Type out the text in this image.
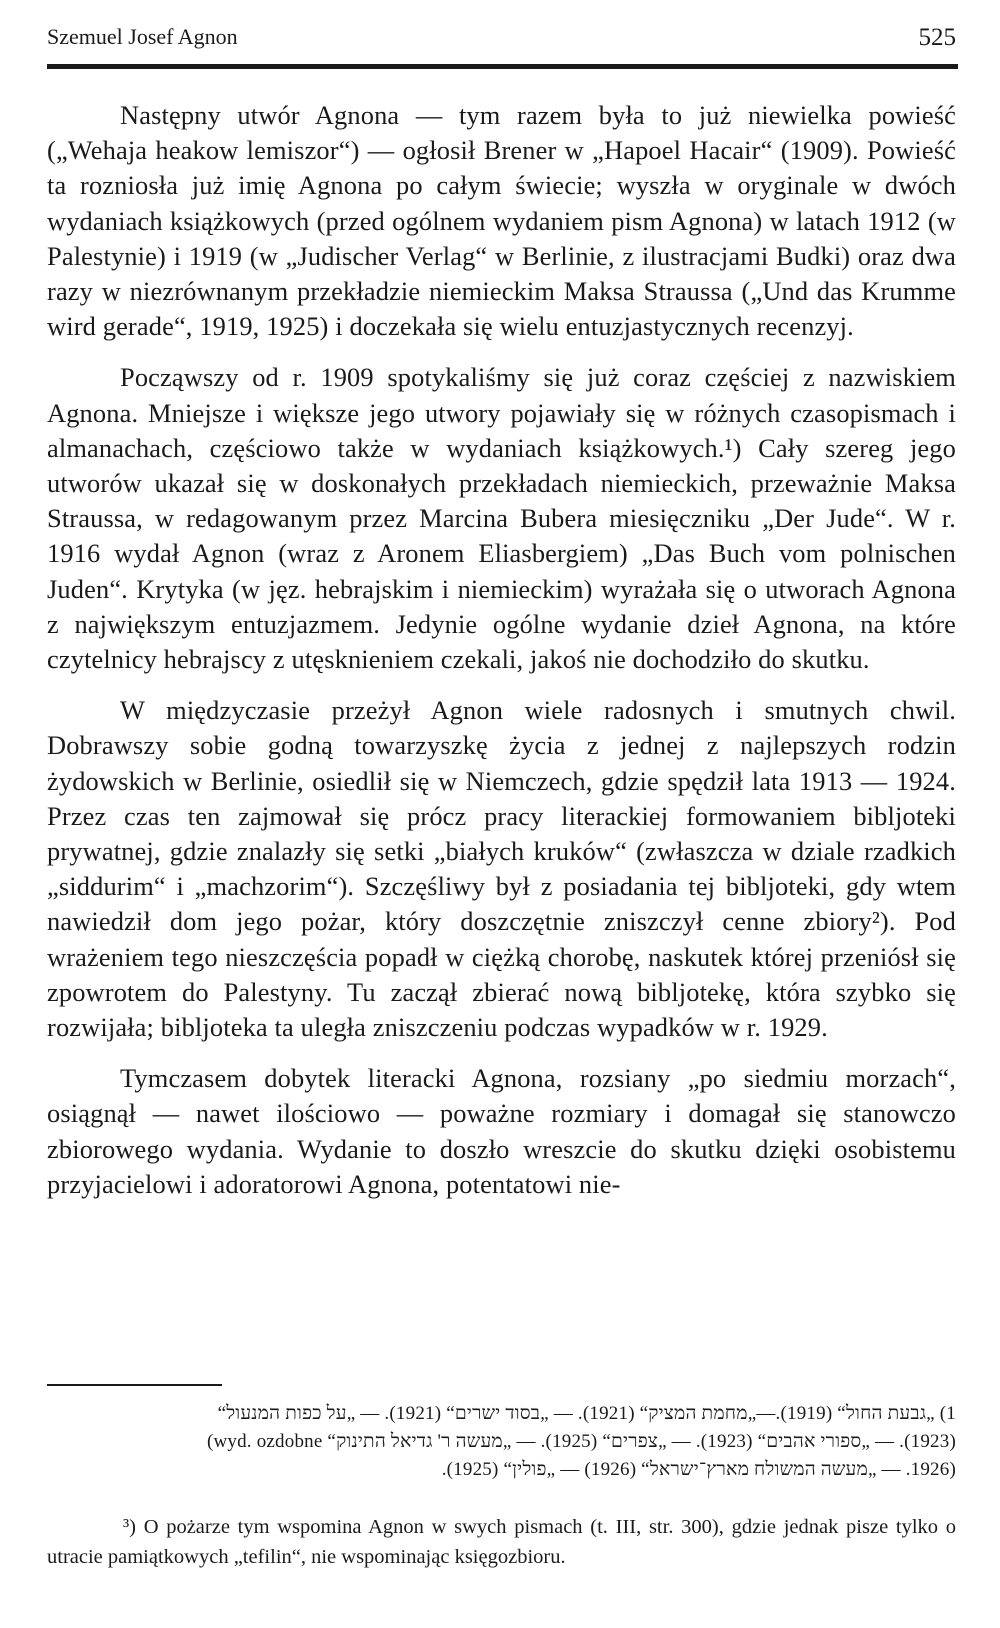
Szemuel Josef Agnon	525

Następny utwór Agnona — tym razem była to już niewielka powieść („Wehaja heakow lemiszor“) — ogłosił Brener w „Hapoel Hacair“ (1909). Powieść ta rozniosła już imię Agnona po całym świecie; wyszła w oryginale w dwóch wydaniach książkowych (przed ogólnem wydaniem pism Agnona) w latach 1912 (w Palestynie) i 1919 (w „Judischer Verlag“ w Berlinie, z ilustracjami Budki) oraz dwa razy w niezrównanym przekładzie niemieckim Maksa Straussa („Und das Krumme wird gerade“, 1919, 1925) i doczekała się wielu entuzjastycznych recenzyj.

Począwszy od r. 1909 spotykaliśmy się już coraz częściej z nazwiskiem Agnona. Mniejsze i większe jego utwory pojawiały się w różnych czasopismach i almanachach, częściowo także w wydaniach książkowych.¹) Cały szereg jego utworów ukazał się w doskonałych przekładach niemieckich, przeważnie Maksa Straussa, w redagowanym przez Marcina Bubera miesięczniku „Der Jude“. W r. 1916 wydał Agnon (wraz z Aronem Eliasbergiem) „Das Buch vom polnischen Juden“. Krytyka (w jęz. hebrajskim i niemieckim) wyrażała się o utworach Agnona z największym entuzjazmem. Jedynie ogólne wydanie dzieł Agnona, na które czytelnicy hebrajscy z utęsknieniem czekali, jakoś nie dochodziło do skutku.

W międzyczasie przeżył Agnon wiele radosnych i smutnych chwil. Dobrawszy sobie godną towarzyszkę życia z jednej z najlepszych rodzin żydowskich w Berlinie, osiedlił się w Niemczech, gdzie spędził lata 1913 — 1924. Przez czas ten zajmował się prócz pracy literackiej formowaniem bibljoteki prywatnej, gdzie znalazły się setki „białych kruków“ (zwłaszcza w dziale rzadkich „siddurim“ i „machzorim“). Szczęśliwy był z posiadania tej bibljoteki, gdy wtem nawiedził dom jego pożar, który doszczętnie zniszczył cenne zbiory²). Pod wrażeniem tego nieszczęścia popadł w ciężką chorobę, naskutek której przeniósł się zpowrotem do Palestyny. Tu zaczął zbierać nową bibljotekę, która szybko się rozwijała; bibljoteka ta uległa zniszczeniu podczas wypadków w r. 1929.

Tymczasem dobytek literacki Agnona, rozsiany „po siedmiu morzach“, osiągnął — nawet ilościowo — poważne rozmiary i domagał się stanowczo zbiorowego wydania. Wydanie to doszło wreszcie do skutku dzięki osobistemu przyjacielowi i adoratorowi Agnona, potentatowi nie-

1) „גבעת החול“ (1919).—„מחמת המציק“ (1921). — „בסוד ישרים“ (1921). — „על כפות המנעול“
(1923). — „ספורי אהבים“ (1923). — „צפרים“ (1925). — „מעשה ר' גדיאל התינוק“ wyd. ozdobne)
(1926. — „מעשה המשולח מארץ־ישראל“ (1926) — „פולין“ (1925).

³) O pożarze tym wspomina Agnon w swych pismach (t. III, str. 300), gdzie jednak pisze tylko o utracie pamiątkowych „tefilin“, nie wspominając księgozbioru.
